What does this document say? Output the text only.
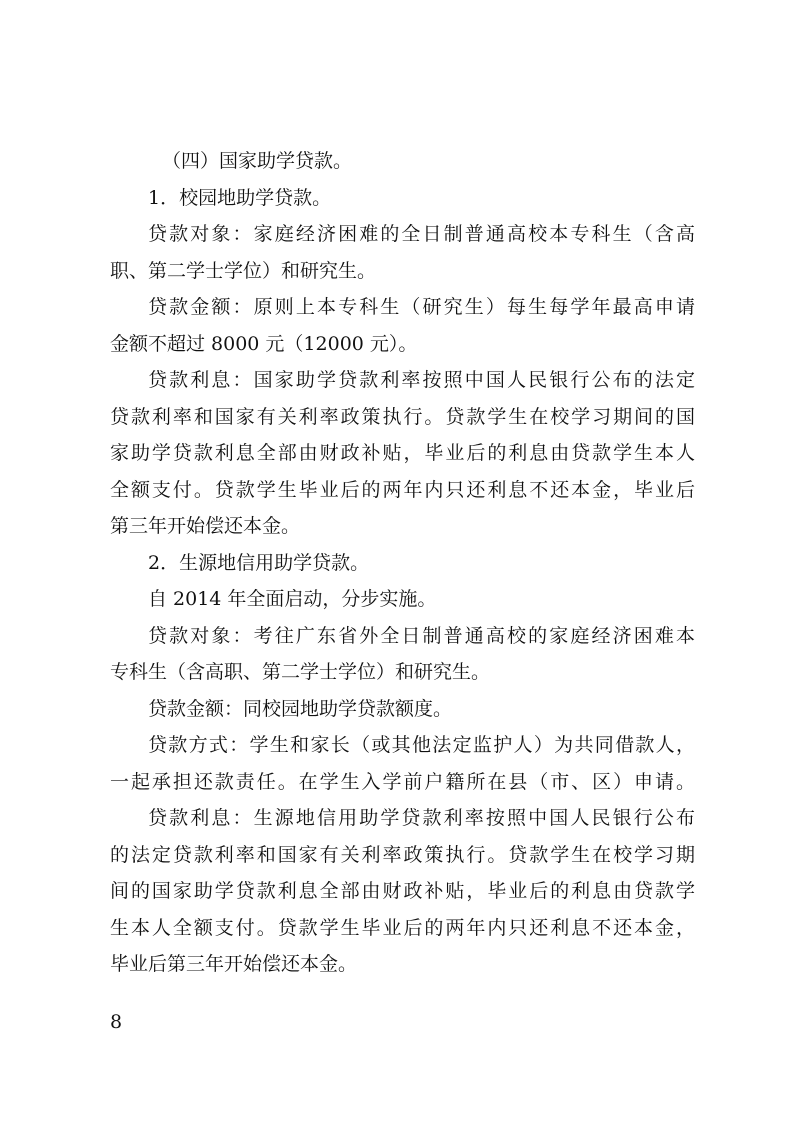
（四）国家助学贷款。
1．校园地助学贷款。
贷款对象：家庭经济困难的全日制普通高校本专科生（含高
职、第二学士学位）和研究生。
贷款金额：原则上本专科生（研究生）每生每学年最高申请
金额不超过 8000 元（12000 元）。
贷款利息：国家助学贷款利率按照中国人民银行公布的法定
贷款利率和国家有关利率政策执行。贷款学生在校学习期间的国
家助学贷款利息全部由财政补贴，毕业后的利息由贷款学生本人
全额支付。贷款学生毕业后的两年内只还利息不还本金，毕业后
第三年开始偿还本金。
2．生源地信用助学贷款。
自 2014 年全面启动，分步实施。
贷款对象：考往广东省外全日制普通高校的家庭经济困难本
专科生（含高职、第二学士学位）和研究生。
贷款金额：同校园地助学贷款额度。
贷款方式：学生和家长（或其他法定监护人）为共同借款人，
一起承担还款责任。在学生入学前户籍所在县（市、区）申请。
贷款利息：生源地信用助学贷款利率按照中国人民银行公布
的法定贷款利率和国家有关利率政策执行。贷款学生在校学习期
间的国家助学贷款利息全部由财政补贴，毕业后的利息由贷款学
生本人全额支付。贷款学生毕业后的两年内只还利息不还本金，
毕业后第三年开始偿还本金。
8
